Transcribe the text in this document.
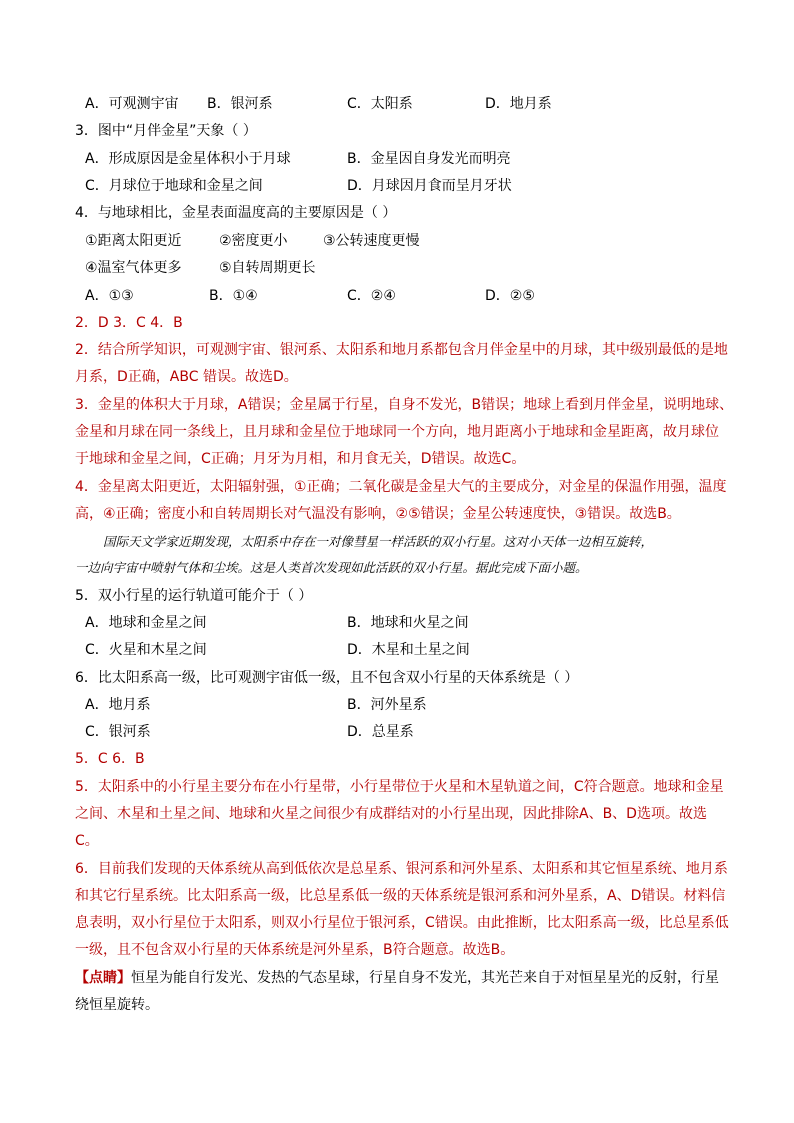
A．可观测宇宙 B．银河系	C．太阳系	D．地月系
3．图中“月伴金星”天象（ ）
A．形成原因是金星体积小于月球	B．金星因自身发光而明亮
C．月球位于地球和金星之间	D．月球因月食而呈月牙状
4．与地球相比，金星表面温度高的主要原因是（ ）
①距离太阳更近	②密度更小	③公转速度更慢
④温室气体更多	⑤自转周期更长
A．①③	B．①④	C．②④	D．②⑤
2．D 3．C 4．B
2．结合所学知识，可观测宇宙、银河系、太阳系和地月系都包含月伴金星中的月球，其中级别最低的是地
月系，D正确，ABC 错误。故选D。
3．金星的体积大于月球，A错误；金星属于行星，自身不发光，B错误；地球上看到月伴金星，说明地球、
金星和月球在同一条线上，且月球和金星位于地球同一个方向，地月距离小于地球和金星距离，故月球位
于地球和金星之间，C正确；月牙为月相，和月食无关，D错误。故选C。
4．金星离太阳更近，太阳辐射强，①正确；二氧化碳是金星大气的主要成分，对金星的保温作用强，温度
高，④正确；密度小和自转周期长对气温没有影响，②⑤错误；金星公转速度快，③错误。故选B。
国际天文学家近期发现，太阳系中存在一对像彗星一样活跃的双小行星。这对小天体一边相互旋转，
一边向宇宙中喷射气体和尘埃。这是人类首次发现如此活跃的双小行星。据此完成下面小题。
5．双小行星的运行轨道可能介于（ ）
A．地球和金星之间	B．地球和火星之间
C．火星和木星之间	D．木星和土星之间
6．比太阳系高一级，比可观测宇宙低一级，且不包含双小行星的天体系统是（ ）
A．地月系	B．河外星系
C．银河系	D．总星系
5．C 6．B
5．太阳系中的小行星主要分布在小行星带，小行星带位于火星和木星轨道之间，C符合题意。地球和金星
之间、木星和土星之间、地球和火星之间很少有成群结对的小行星出现，因此排除A、B、D选项。故选
C。
6．目前我们发现的天体系统从高到低依次是总星系、银河系和河外星系、太阳系和其它恒星系统、地月系
和其它行星系统。比太阳系高一级，比总星系低一级的天体系统是银河系和河外星系，A、D错误。材料信
息表明，双小行星位于太阳系，则双小行星位于银河系，C错误。由此推断，比太阳系高一级，比总星系低
一级，且不包含双小行星的天体系统是河外星系，B符合题意。故选B。
【点睛】恒星为能自行发光、发热的气态星球，行星自身不发光，其光芒来自于对恒星星光的反射，行星
绕恒星旋转。
